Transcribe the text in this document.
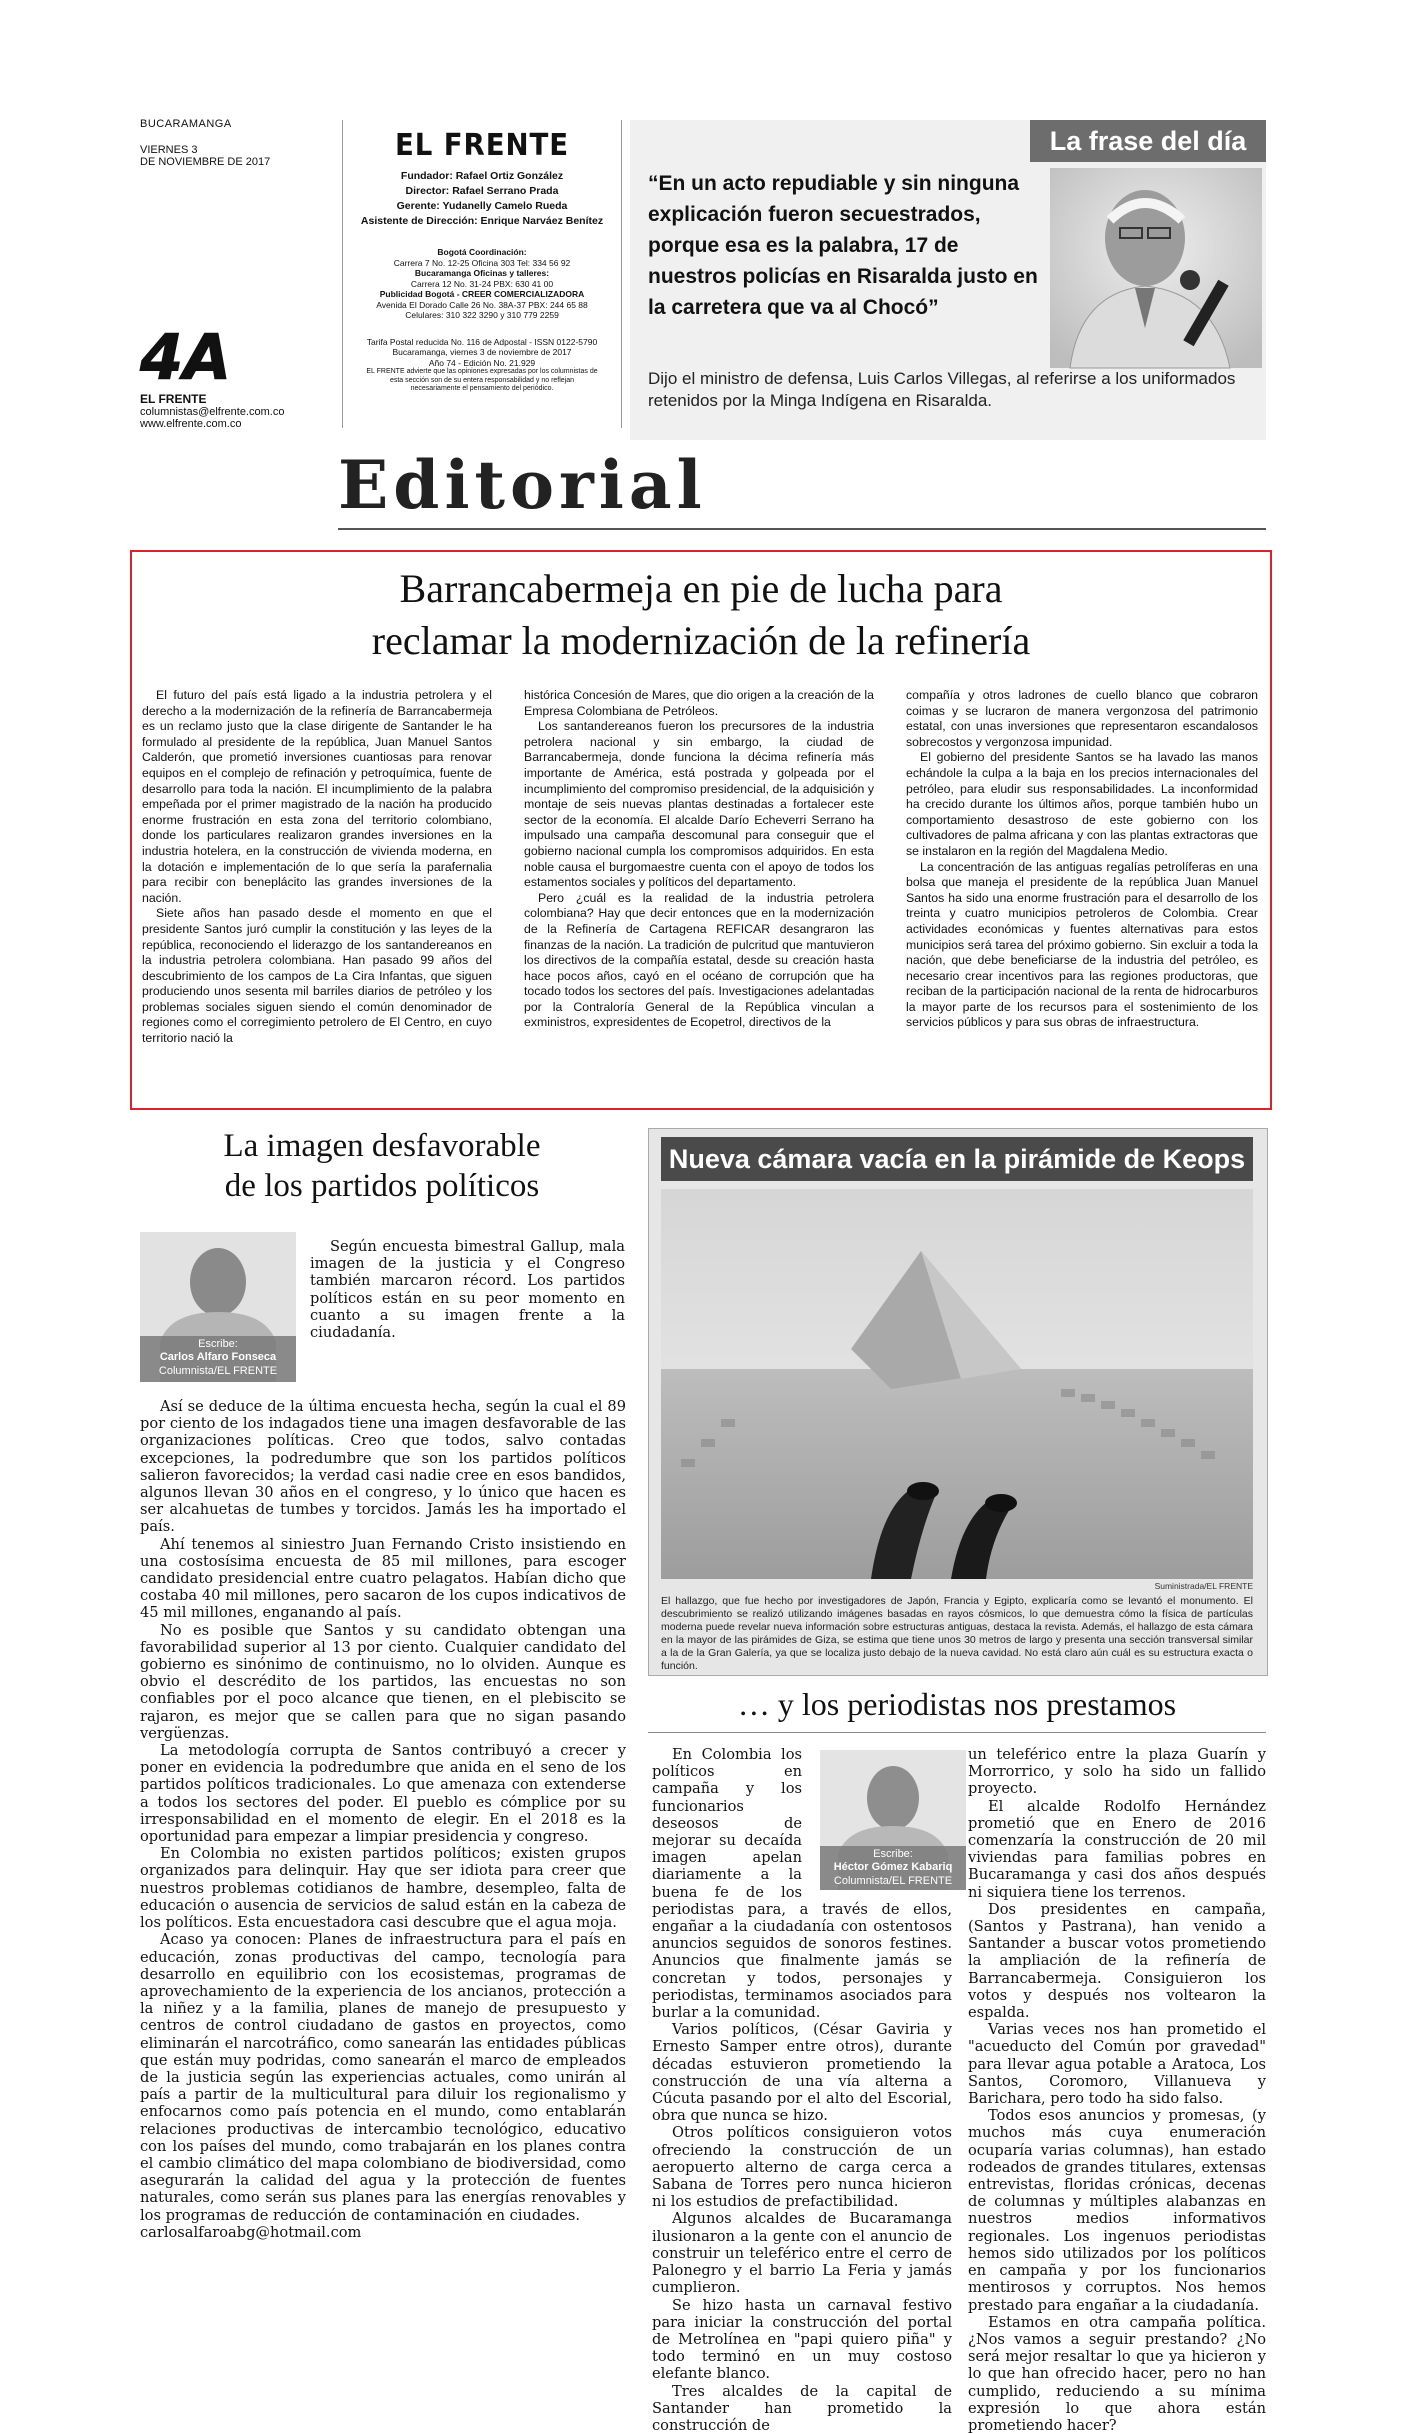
BUCARAMANGA
VIERNES 3
DE NOVIEMBRE DE 2017
4A
EL FRENTE
columnistas@elfrente.com.co
www.elfrente.com.co
EL FRENTE
Fundador: Rafael Ortiz González
Director: Rafael Serrano Prada
Gerente: Yudanelly Camelo Rueda
Asistente de Dirección: Enrique Narváez Benítez
Bogotá Coordinación:
Carrera 7 No. 12-25 Oficina 303 Tel: 334 56 92
Bucaramanga Oficinas y talleres:
Carrera 12 No. 31-24 PBX: 630 41 00
Publicidad Bogotá - CREER COMERCIALIZADORA
Avenida El Dorado Calle 26 No. 38A-37 PBX: 244 65 88
Celulares: 310 322 3290 y 310 779 2259
Tarifa Postal reducida No. 116 de Adpostal - ISSN 0122-5790
Bucaramanga, viernes 3 de noviembre de 2017
Año 74 - Edición No. 21.929
EL FRENTE advierte que las opiniones expresadas por los columnistas de
esta sección son de su entera responsabilidad y no reflejan
necesariamente el pensamiento del periódico.
La frase del día
“En un acto repudiable y sin ninguna explicación fueron secuestrados, porque esa es la palabra, 17 de nuestros policías en Risaralda justo en la carretera que va al Chocó”
Dijo el ministro de defensa, Luis Carlos Villegas, al referirse a los uniformados retenidos por la Minga Indígena en Risaralda.
Editorial
Barrancabermeja en pie de lucha para
reclamar la modernización de la refinería

El futuro del país está ligado a la industria petrolera y el derecho a la modernización de la refinería de Barrancabermeja es un reclamo justo que la clase dirigente de Santander le ha formulado al presidente de la república, Juan Manuel Santos Calderón, que prometió inversiones cuantiosas para renovar equipos en el complejo de refinación y petroquímica, fuente de desarrollo para toda la nación. El incumplimiento de la palabra empeñada por el primer magistrado de la nación ha producido enorme frustración en esta zona del territorio colombiano, donde los particulares realizaron grandes inversiones en la industria hotelera, en la construcción de vivienda moderna, en la dotación e implementación de lo que sería la parafernalia para recibir con beneplácito las grandes inversiones de la nación.

Siete años han pasado desde el momento en que el presidente Santos juró cumplir la constitución y las leyes de la república, reconociendo el liderazgo de los santandereanos en la industria petrolera colombiana. Han pasado 99 años del descubrimiento de los campos de La Cira Infantas, que siguen produciendo unos sesenta mil barriles diarios de petróleo y los problemas sociales siguen siendo el común denominador de regiones como el corregimiento petrolero de El Centro, en cuyo territorio nació la

histórica Concesión de Mares, que dio origen a la creación de la Empresa Colombiana de Petróleos.

Los santandereanos fueron los precursores de la industria petrolera nacional y sin embargo, la ciudad de Barrancabermeja, donde funciona la décima refinería más importante de América, está postrada y golpeada por el incumplimiento del compromiso presidencial, de la adquisición y montaje de seis nuevas plantas destinadas a fortalecer este sector de la economía. El alcalde Darío Echeverri Serrano ha impulsado una campaña descomunal para conseguir que el gobierno nacional cumpla los compromisos adquiridos. En esta noble causa el burgomaestre cuenta con el apoyo de todos los estamentos sociales y políticos del departamento.

Pero ¿cuál es la realidad de la industria petrolera colombiana? Hay que decir entonces que en la modernización de la Refinería de Cartagena REFICAR desangraron las finanzas de la nación. La tradición de pulcritud que mantuvieron los directivos de la compañía estatal, desde su creación hasta hace pocos años, cayó en el océano de corrupción que ha tocado todos los sectores del país. Investigaciones adelantadas por la Contraloría General de la República vinculan a exministros, expresidentes de Ecopetrol, directivos de la

compañía y otros ladrones de cuello blanco que cobraron coimas y se lucraron de manera vergonzosa del patrimonio estatal, con unas inversiones que representaron escandalosos sobrecostos y vergonzosa impunidad.

El gobierno del presidente Santos se ha lavado las manos echándole la culpa a la baja en los precios internacionales del petróleo, para eludir sus responsabilidades. La inconformidad ha crecido durante los últimos años, porque también hubo un comportamiento desastroso de este gobierno con los cultivadores de palma africana y con las plantas extractoras que se instalaron en la región del Magdalena Medio.

La concentración de las antiguas regalías petrolíferas en una bolsa que maneja el presidente de la república Juan Manuel Santos ha sido una enorme frustración para el desarrollo de los treinta y cuatro municipios petroleros de Colombia. Crear actividades económicas y fuentes alternativas para estos municipios será tarea del próximo gobierno. Sin excluir a toda la nación, que debe beneficiarse de la industria del petróleo, es necesario crear incentivos para las regiones productoras, que reciban de la participación nacional de la renta de hidrocarburos la mayor parte de los recursos para el sostenimiento de los servicios públicos y para sus obras de infraestructura.

La imagen desfavorable
de los partidos políticos
Escribe:
Carlos Alfaro Fonseca
Columnista/EL FRENTE

Según encuesta bimestral Gallup, mala imagen de la justicia y el Congreso también marcaron récord. Los partidos políticos están en su peor momento en cuanto a su imagen frente a la ciudadanía.

Así se deduce de la última encuesta hecha, según la cual el 89 por ciento de los indagados tiene una imagen desfavorable de las organizaciones políticas. Creo que todos, salvo contadas excepciones, la podredumbre que son los partidos políticos salieron favorecidos; la verdad casi nadie cree en esos bandidos, algunos llevan 30 años en el congreso, y lo único que hacen es ser alcahuetas de tumbes y torcidos. Jamás les ha importado el país.

Ahí tenemos al siniestro Juan Fernando Cristo insistiendo en una costosísima encuesta de 85 mil millones, para escoger candidato presidencial entre cuatro pelagatos. Habían dicho que costaba 40 mil millones, pero sacaron de los cupos indicativos de 45 mil millones, enganando al país.

No es posible que Santos y su candidato obtengan una favorabilidad superior al 13 por ciento. Cualquier candidato del gobierno es sinónimo de continuismo, no lo olviden. Aunque es obvio el descrédito de los partidos, las encuestas no son confiables por el poco alcance que tienen, en el plebiscito se rajaron, es mejor que se callen para que no sigan pasando vergüenzas.

La metodología corrupta de Santos contribuyó a crecer y poner en evidencia la podredumbre que anida en el seno de los partidos políticos tradicionales. Lo que amenaza con extenderse a todos los sectores del poder. El pueblo es cómplice por su irresponsabilidad en el momento de elegir. En el 2018 es la oportunidad para empezar a limpiar presidencia y congreso.

En Colombia no existen partidos políticos; existen grupos organizados para delinquir. Hay que ser idiota para creer que nuestros problemas cotidianos de hambre, desempleo, falta de educación o ausencia de servicios de salud están en la cabeza de los políticos. Esta encuestadora casi descubre que el agua moja.

Acaso ya conocen: Planes de infraestructura para el país en educación, zonas productivas del campo, tecnología para desarrollo en equilibrio con los ecosistemas, programas de aprovechamiento de la experiencia de los ancianos, protección a la niñez y a la familia, planes de manejo de presupuesto y centros de control ciudadano de gastos en proyectos, como eliminarán el narcotráfico, como sanearán las entidades públicas que están muy podridas, como sanearán el marco de empleados de la justicia según las experiencias actuales, como unirán al país a partir de la multicultural para diluir los regionalismo y enfocarnos como país potencia en el mundo, como entablarán relaciones productivas de intercambio tecnológico, educativo con los países del mundo, como trabajarán en los planes contra el cambio climático del mapa colombiano de biodiversidad, como asegurarán la calidad del agua y la protección de fuentes naturales, como serán sus planes para las energías renovables y los programas de reducción de contaminación en ciudades.

carlosalfaroabg@hotmail.com

Nueva cámara vacía en la pirámide de Keops
Suministrada/EL FRENTE
El hallazgo, que fue hecho por investigadores de Japón, Francia y Egipto, explicaría como se levantó el monumento. El descubrimiento se realizó utilizando imágenes basadas en rayos cósmicos, lo que demuestra cómo la física de partículas moderna puede revelar nueva información sobre estructuras antiguas, destaca la revista. Además, el hallazgo de esta cámara en la mayor de las pirámides de Giza, se estima que tiene unos 30 metros de largo y presenta una sección transversal similar a la de la Gran Galería, ya que se localiza justo debajo de la nueva cavidad. No está claro aún cuál es su estructura exacta o función.
… y los periodistas nos prestamos
Escribe:
Héctor Gómez Kabariq
Columnista/EL FRENTE

En Colombia los políticos en campaña y los funcionarios deseosos de mejorar su decaída imagen apelan diariamente a la buena fe de los periodistas para, a través de ellos, engañar a la ciudadanía con ostentosos anuncios seguidos de sonoros festines. Anuncios que finalmente jamás se concretan y todos, personajes y periodistas, terminamos asociados para burlar a la comunidad.

Varios políticos, (César Gaviria y Ernesto Samper entre otros), durante décadas estuvieron prometiendo la construcción de una vía alterna a Cúcuta pasando por el alto del Escorial, obra que nunca se hizo.

Otros políticos consiguieron votos ofreciendo la construcción de un aeropuerto alterno de carga cerca a Sabana de Torres pero nunca hicieron ni los estudios de prefactibilidad.

Algunos alcaldes de Bucaramanga ilusionaron a la gente con el anuncio de construir un teleférico entre el cerro de Palonegro y el barrio La Feria y jamás cumplieron.

Se hizo hasta un carnaval festivo para iniciar la construcción del portal de Metrolínea en "papi quiero piña" y todo terminó en un muy costoso elefante blanco.

Tres alcaldes de la capital de Santander han prometido la construcción de

un teleférico entre la plaza Guarín y Morrorrico, y solo ha sido un fallido proyecto.

El alcalde Rodolfo Hernández prometió que en Enero de 2016 comenzaría la construcción de 20 mil viviendas para familias pobres en Bucaramanga y casi dos años después ni siquiera tiene los terrenos.

Dos presidentes en campaña, (Santos y Pastrana), han venido a Santander a buscar votos prometiendo la ampliación de la refinería de Barrancabermeja. Consiguieron los votos y después nos voltearon la espalda.

Varias veces nos han prometido el "acueducto del Común por gravedad" para llevar agua potable a Aratoca, Los Santos, Coromoro, Villanueva y Barichara, pero todo ha sido falso.

Todos esos anuncios y promesas, (y muchos más cuya enumeración ocuparía varias columnas), han estado rodeados de grandes titulares, extensas entrevistas, floridas crónicas, decenas de columnas y múltiples alabanzas en nuestros medios informativos regionales. Los ingenuos periodistas hemos sido utilizados por los políticos en campaña y por los funcionarios mentirosos y corruptos. Nos hemos prestado para engañar a la ciudadanía.

Estamos en otra campaña política. ¿Nos vamos a seguir prestando? ¿No será mejor resaltar lo que ya hicieron y lo que han ofrecido hacer, pero no han cumplido, reduciendo a su mínima expresión lo que ahora están prometiendo hacer?
